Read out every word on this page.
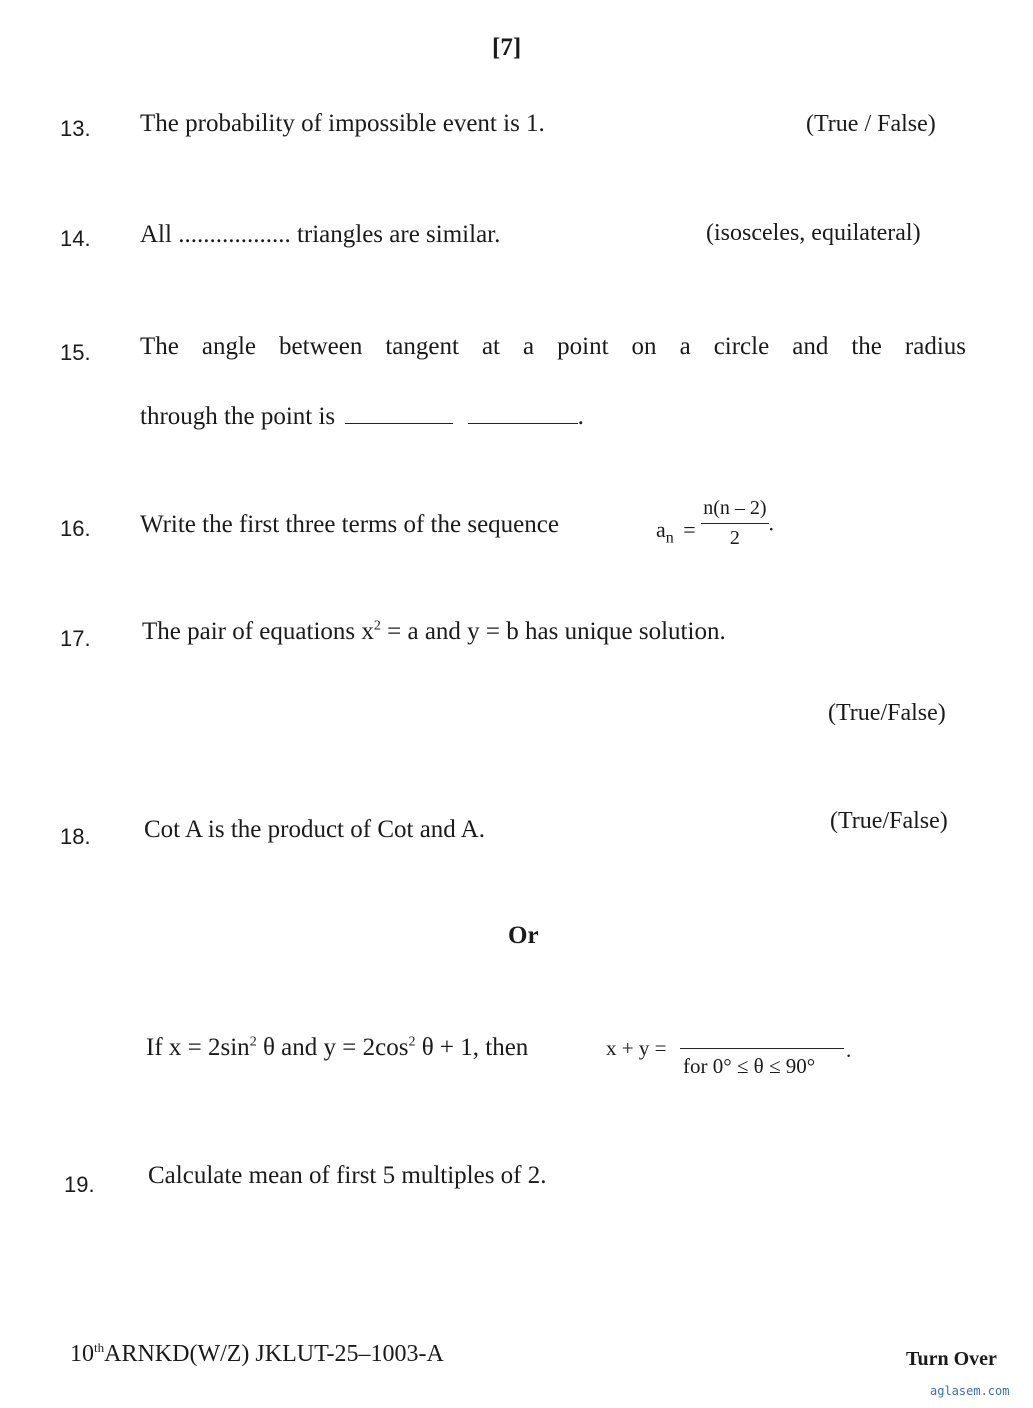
[7]
13. The probability of impossible event is 1.	(True / False)
14. All .................. triangles are similar.	(isosceles, equilateral)
15. The angle between tangent at a point on a circle and the radius
through the point is	.
16. Write the first three terms of the sequence	$a_n = \frac{n(n - 2)}{2}$ .
17. The pair of equations $x^2 = a$ and y = b has unique solution.
(True/False)
18. Cot A is the product of Cot and A.	(True/False)
Or
If $x = 2\sin^2$ θ and $y = 2\cos^2$ θ + 1, then	x + y =
for 0° ≤ θ ≤ 90°
.
19. Calculate mean of first 5 multiples of 2.
10thARNKD(W/Z) JKLUT-25–1003-A	Turn Over
aglasem.com
